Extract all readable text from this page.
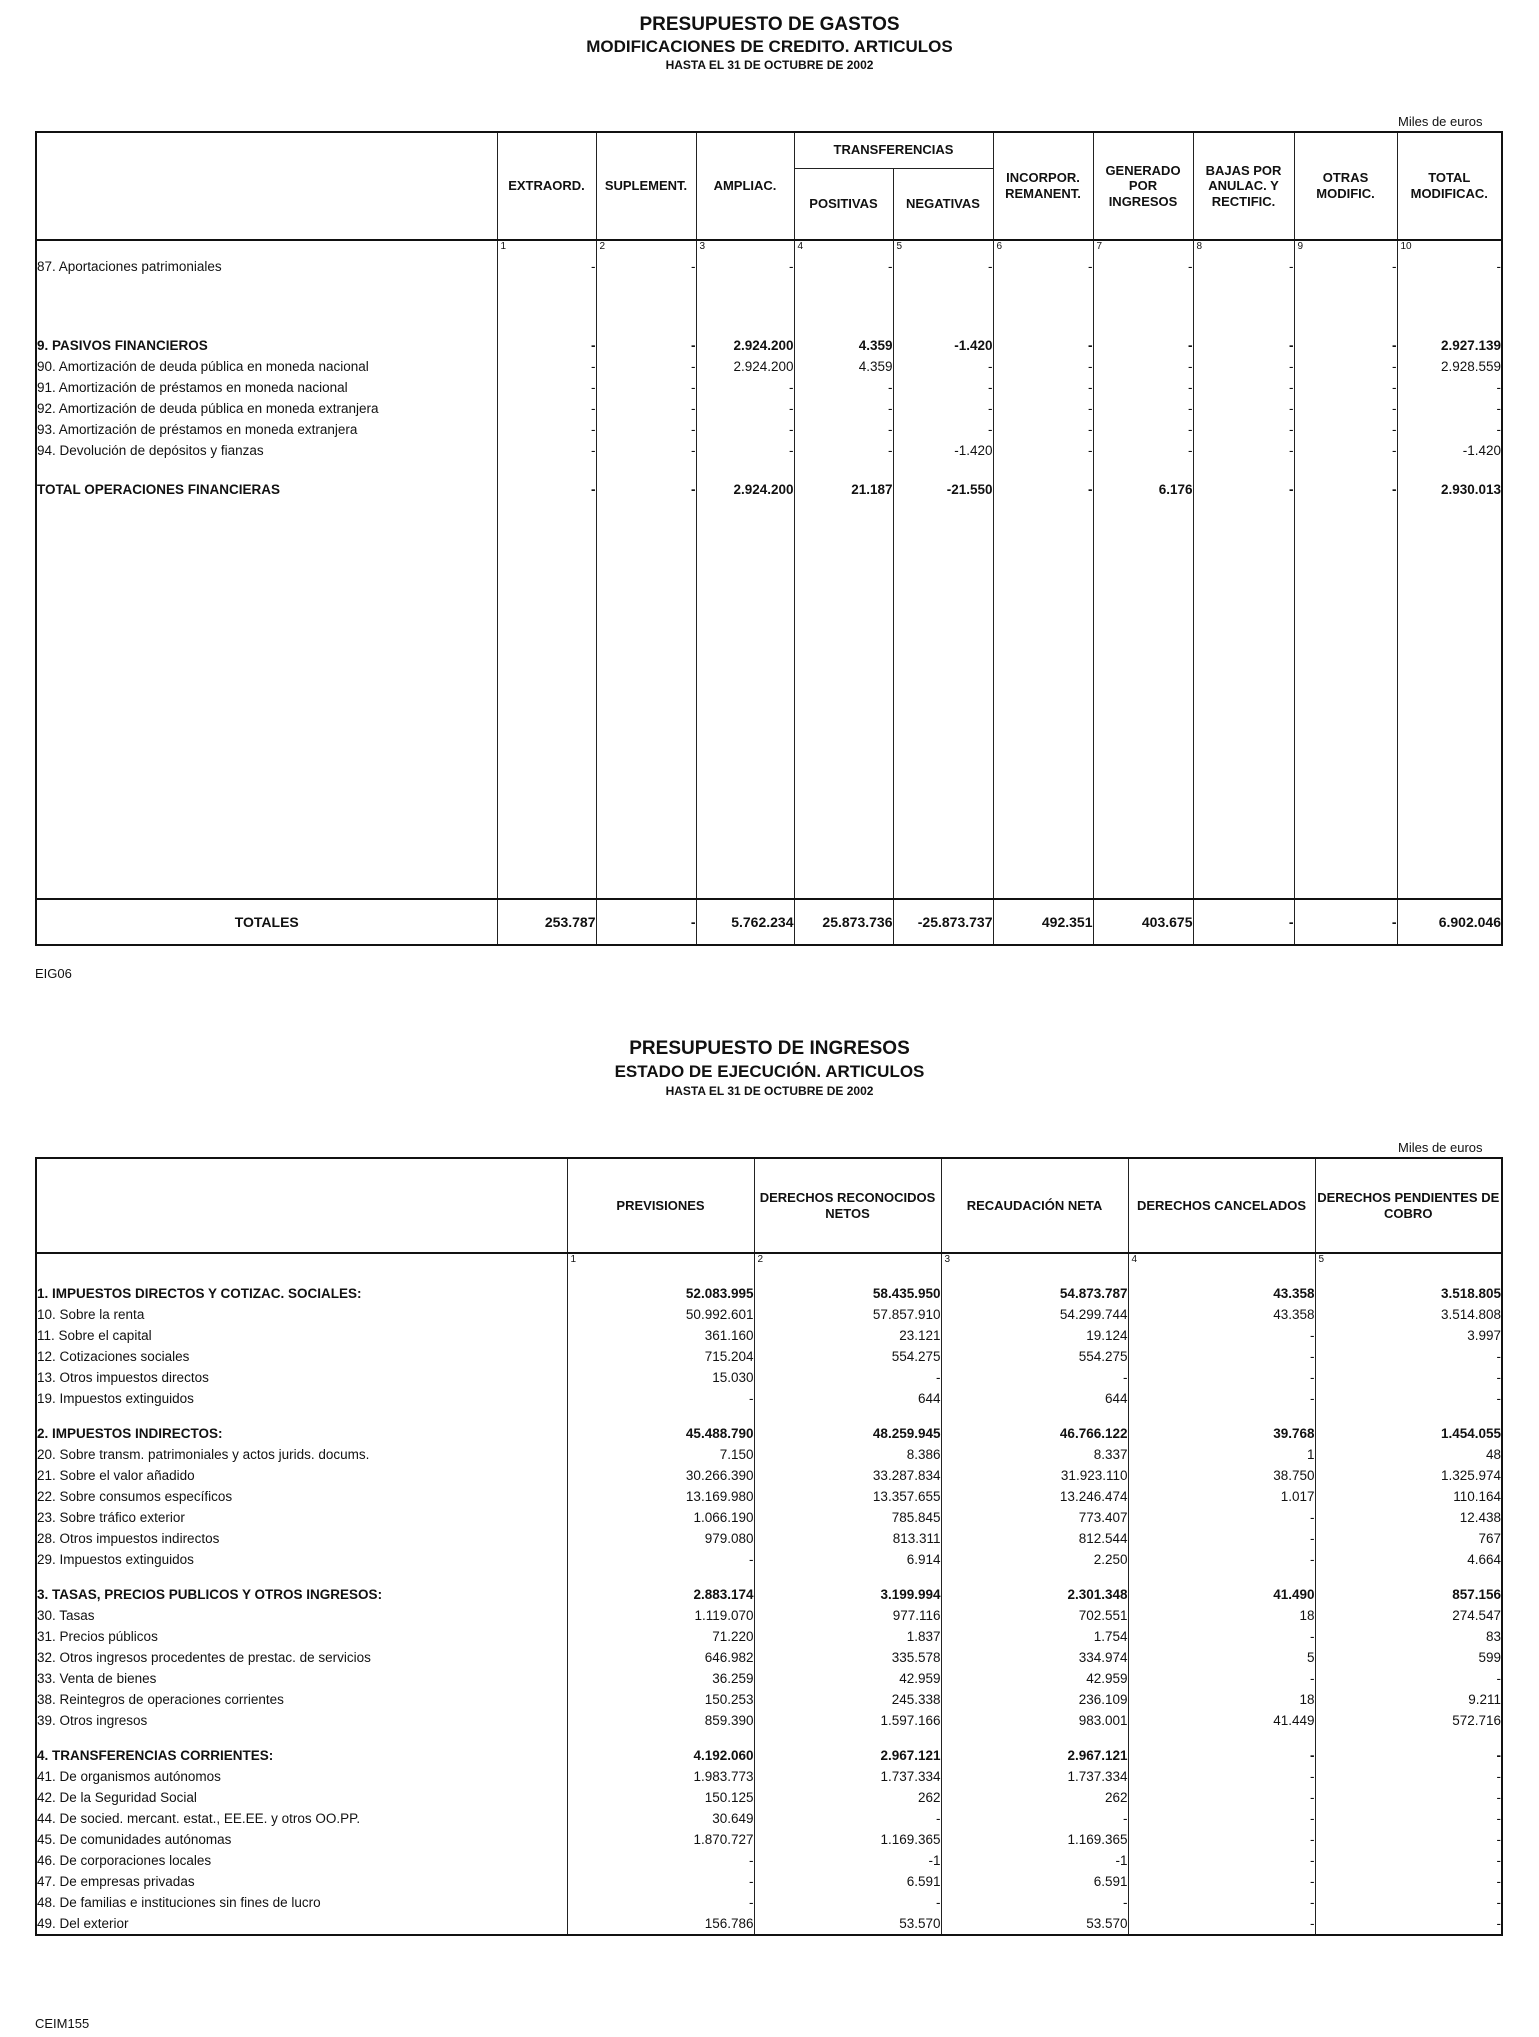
PRESUPUESTO DE GASTOS
MODIFICACIONES DE CREDITO. ARTICULOS
HASTA EL 31 DE OCTUBRE DE 2002
Miles de euros
	EXTRAORD.	SUPLEMENT.	AMPLIAC.	TRANSFERENCIAS		INCORPOR. REMANENT.	GENERADO POR INGRESOS	BAJAS POR ANULAC. Y RECTIFIC.	OTRAS MODIFIC.	TOTAL MODIFICAC.
				POSITIVAS	NEGATIVAS					
	1	2	3	4	5	6	7	8	9	10
87. Aportaciones patrimoniales	-	-	-	-	-	-	-	-	-	-

9. PASIVOS FINANCIEROS	-	-	2.924.200	4.359	-1.420	-	-	-	-	2.927.139
90. Amortización de deuda pública en moneda nacional	-	-	2.924.200	4.359	-	-	-	-	-	2.928.559
91. Amortización de préstamos en moneda nacional	-	-	-	-	-	-	-	-	-	-
92. Amortización de deuda pública en moneda extranjera	-	-	-	-	-	-	-	-	-	-
93. Amortización de préstamos en moneda extranjera	-	-	-	-	-	-	-	-	-	-
94. Devolución de depósitos y fianzas	-	-	-	-	-1.420	-	-	-	-	-1.420

TOTAL OPERACIONES FINANCIERAS	-	-	2.924.200	21.187	-21.550	-	6.176	-	-	2.930.013

TOTALES	253.787	-	5.762.234	25.873.736	-25.873.737	492.351	403.675	-	-	6.902.046
EIG06
PRESUPUESTO DE INGRESOS
ESTADO DE EJECUCIÓN. ARTICULOS
HASTA EL 31 DE OCTUBRE DE 2002
Miles de euros
	PREVISIONES	DERECHOS RECONOCIDOS NETOS	RECAUDACIÓN NETA	DERECHOS CANCELADOS	DERECHOS PENDIENTES DE COBRO
	1	2	3	4	5

1. IMPUESTOS DIRECTOS Y COTIZAC. SOCIALES:	52.083.995	58.435.950	54.873.787	43.358	3.518.805
10. Sobre la renta	50.992.601	57.857.910	54.299.744	43.358	3.514.808
11. Sobre el capital	361.160	23.121	19.124	-	3.997
12. Cotizaciones sociales	715.204	554.275	554.275	-	-
13. Otros impuestos directos	15.030	-	-	-	-
19. Impuestos extinguidos	-	644	644	-	-

2. IMPUESTOS INDIRECTOS:	45.488.790	48.259.945	46.766.122	39.768	1.454.055
20. Sobre transm. patrimoniales y actos jurids. docums.	7.150	8.386	8.337	1	48
21. Sobre el valor añadido	30.266.390	33.287.834	31.923.110	38.750	1.325.974
22. Sobre consumos específicos	13.169.980	13.357.655	13.246.474	1.017	110.164
23. Sobre tráfico exterior	1.066.190	785.845	773.407	-	12.438
28. Otros impuestos indirectos	979.080	813.311	812.544	-	767
29. Impuestos extinguidos	-	6.914	2.250	-	4.664

3. TASAS, PRECIOS PUBLICOS Y OTROS INGRESOS:	2.883.174	3.199.994	2.301.348	41.490	857.156
30. Tasas	1.119.070	977.116	702.551	18	274.547
31. Precios públicos	71.220	1.837	1.754	-	83
32. Otros ingresos procedentes de prestac. de servicios	646.982	335.578	334.974	5	599
33. Venta de bienes	36.259	42.959	42.959	-	-
38. Reintegros de operaciones corrientes	150.253	245.338	236.109	18	9.211
39. Otros ingresos	859.390	1.597.166	983.001	41.449	572.716

4. TRANSFERENCIAS CORRIENTES:	4.192.060	2.967.121	2.967.121	-	-
41. De organismos autónomos	1.983.773	1.737.334	1.737.334	-	-
42. De la Seguridad Social	150.125	262	262	-	-
44. De socied. mercant. estat., EE.EE. y otros OO.PP.	30.649	-	-	-	-
45. De comunidades autónomas	1.870.727	1.169.365	1.169.365	-	-
46. De corporaciones locales	-	-1	-1	-	-
47. De empresas privadas	-	6.591	6.591	-	-
48. De familias e instituciones sin fines de lucro	-	-	-	-	-
49. Del exterior	156.786	53.570	53.570	-	-
CEIM155
